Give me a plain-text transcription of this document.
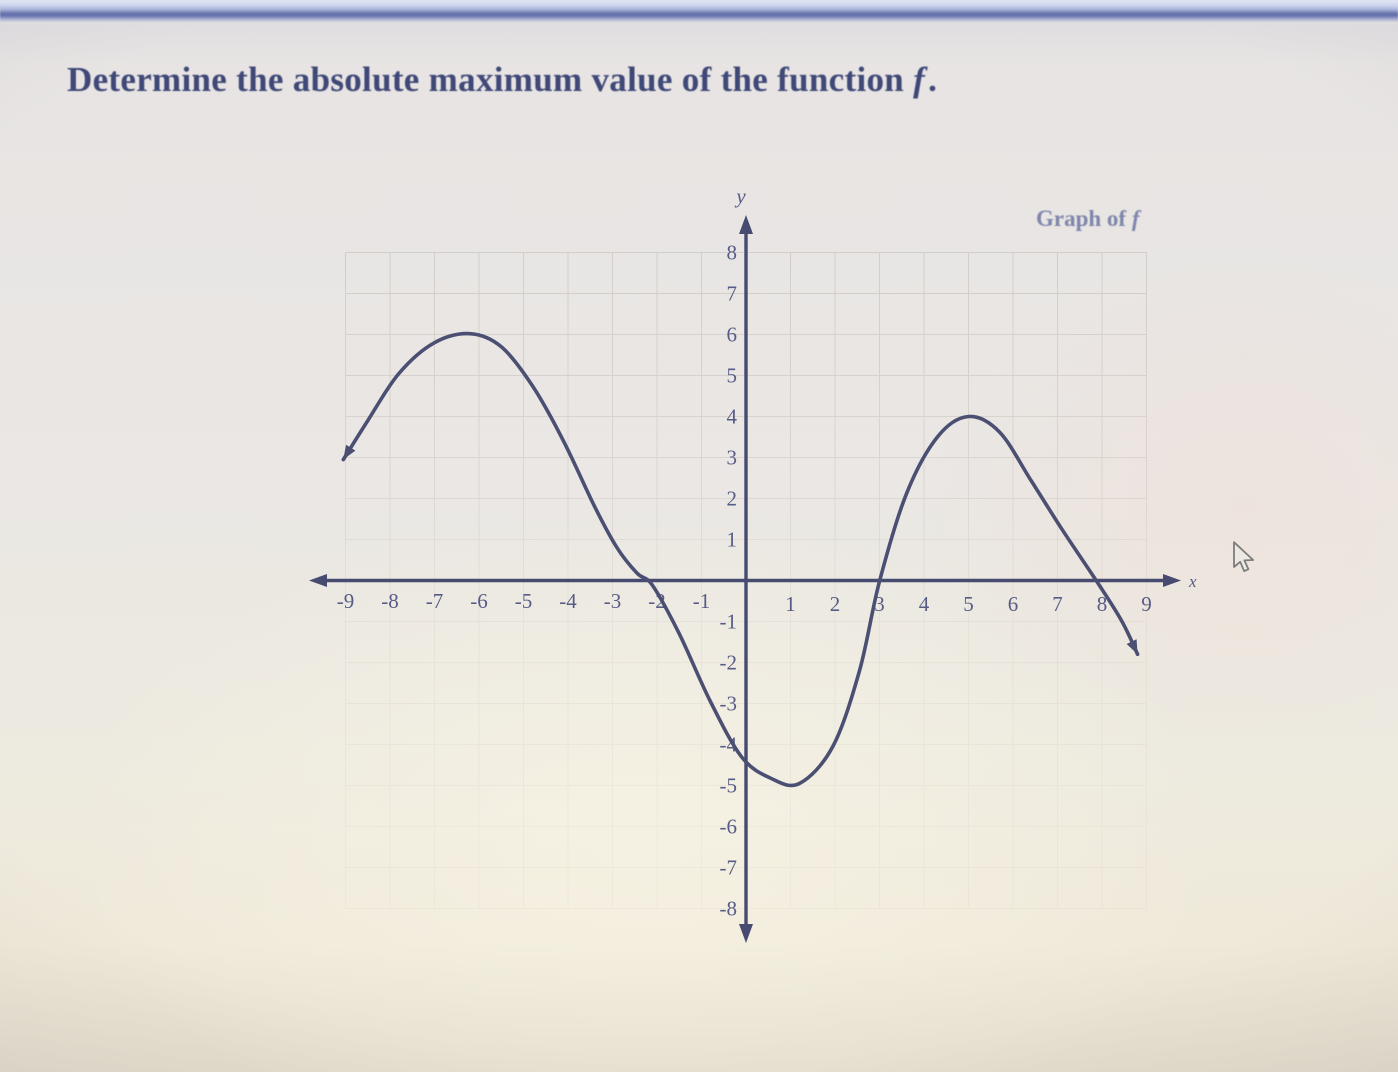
Determine the absolute maximum value of the function f.
-9 -8 -7 -6 -5 -4 -3 -2 -1	1 2 3 4 5 6 7 8 9
8
7
6
5
4
3
2
1
-1
-2
-3
-4
-5
-6
-7
-8
y
x
Graph of f
